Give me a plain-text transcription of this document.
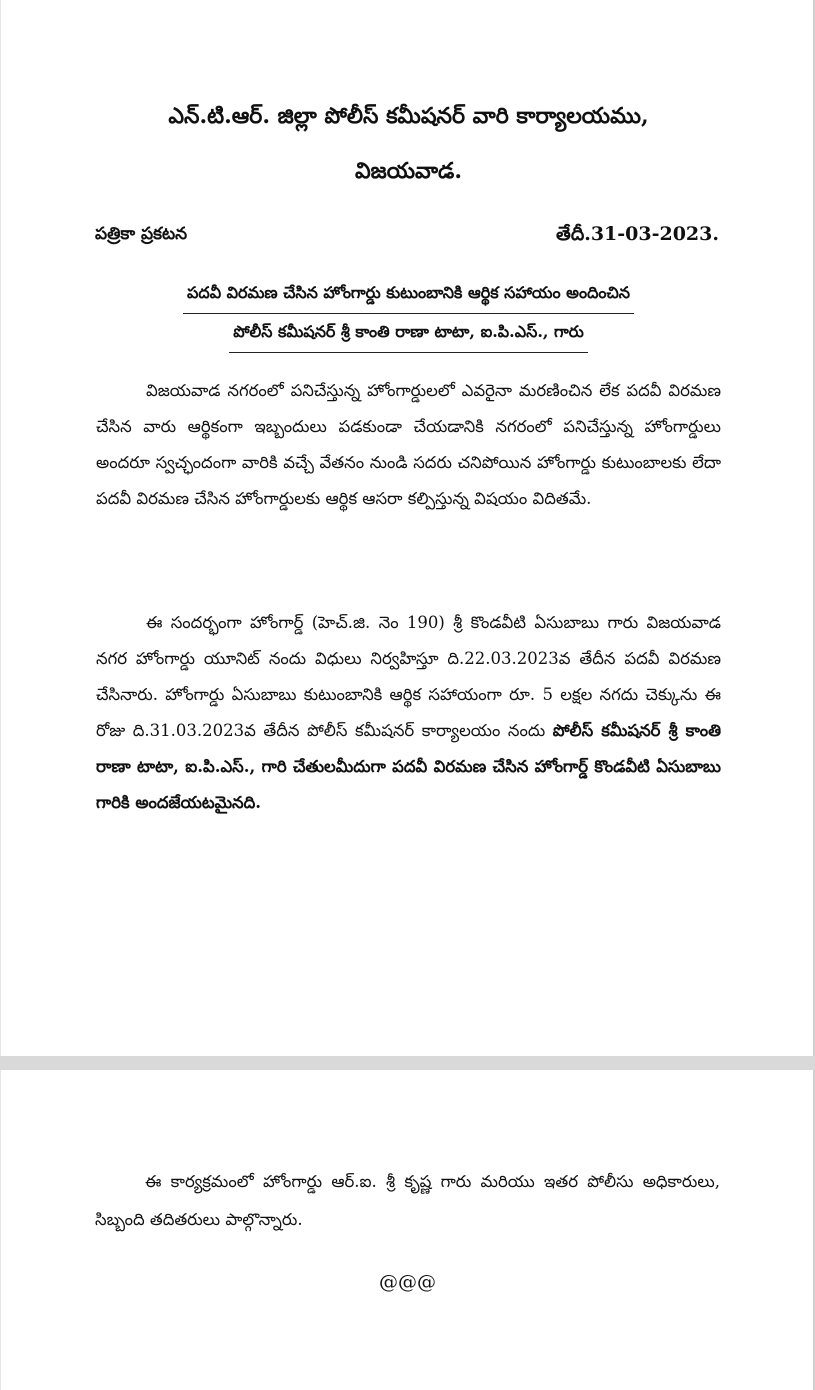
ఎన్.టి.ఆర్. జిల్లా పోలీస్ కమీషనర్ వారి కార్యాలయము,
విజయవాడ.
పత్రికా ప్రకటన	తేదీ.31-03-2023.
పదవీ విరమణ చేసిన హోంగార్డు కుటుంబానికి ఆర్థిక సహాయం అందించిన
పోలీస్ కమీషనర్ శ్రీ కాంతి రాణా టాటా, ఐ.పి.ఎస్., గారు
విజయవాడ నగరంలో పనిచేస్తున్న హోంగార్డులలో ఎవరైనా మరణించిన లేక పదవీ విరమణ చేసిన వారు ఆర్థికంగా ఇబ్బందులు పడకుండా చేయడానికి నగరంలో పనిచేస్తున్న హోంగార్డులు అందరూ స్వచ్ఛందంగా వారికి వచ్చే వేతనం నుండి సదరు చనిపోయిన హోంగార్డు కుటుంబాలకు లేదా పదవీ విరమణ చేసిన హోంగార్డులకు ఆర్థిక ఆసరా కల్పిస్తున్న విషయం విదితమే.
ఈ సందర్భంగా హోంగార్డ్ (హెచ్.జి. నెం 190) శ్రీ కొండవీటి ఏసుబాబు గారు విజయవాడ నగర హోంగార్డు యూనిట్ నందు విధులు నిర్వహిస్తూ ది.22.03.2023వ తేదీన పదవీ విరమణ చేసినారు. హోంగార్డు ఏసుబాబు కుటుంబానికి ఆర్థిక సహాయంగా రూ. 5 లక్షల నగదు చెక్కును ఈ రోజు ది.31.03.2023వ తేదీన పోలీస్ కమీషనర్ కార్యాలయం నందు పోలీస్ కమీషనర్ శ్రీ కాంతి రాణా టాటా, ఐ.పి.ఎస్., గారి చేతులమీదుగా పదవీ విరమణ చేసిన హోంగార్డ్ కొండవీటి ఏసుబాబు గారికి అందజేయటమైనది.
ఈ కార్యక్రమంలో హోంగార్డు ఆర్.ఐ. శ్రీ కృష్ణ గారు మరియు ఇతర పోలీసు అధికారులు, సిబ్బంది తదితరులు పాల్గొన్నారు.
@@@
